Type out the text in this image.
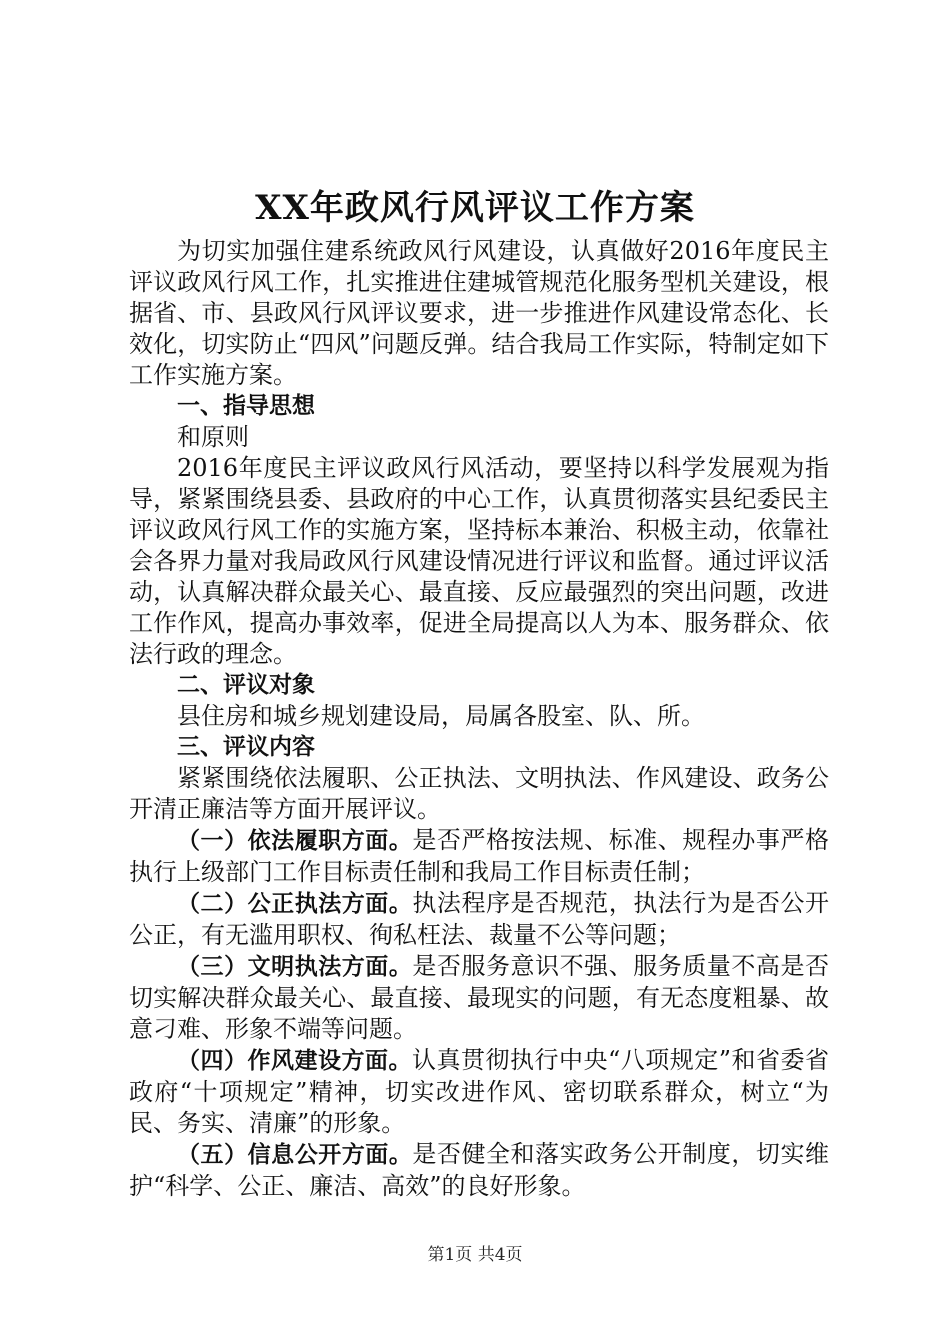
XX年政风行风评议工作方案

为切实加强住建系统政风行风建设，认真做好2016年度民主评议政风行风工作，扎实推进住建城管规范化服务型机关建设，根据省、市、县政风行风评议要求，进一步推进作风建设常态化、长效化，切实防止“四风”问题反弹。结合我局工作实际，特制定如下工作实施方案。

一、指导思想

和原则

2016年度民主评议政风行风活动，要坚持以科学发展观为指导，紧紧围绕县委、县政府的中心工作，认真贯彻落实县纪委民主评议政风行风工作的实施方案，坚持标本兼治、积极主动，依靠社会各界力量对我局政风行风建设情况进行评议和监督。通过评议活动，认真解决群众最关心、最直接、反应最强烈的突出问题，改进工作作风，提高办事效率，促进全局提高以人为本、服务群众、依法行政的理念。

二、评议对象

县住房和城乡规划建设局，局属各股室、队、所。

三、评议内容

紧紧围绕依法履职、公正执法、文明执法、作风建设、政务公开清正廉洁等方面开展评议。

（一）依法履职方面。是否严格按法规、标准、规程办事严格执行上级部门工作目标责任制和我局工作目标责任制；

（二）公正执法方面。执法程序是否规范，执法行为是否公开公正，有无滥用职权、徇私枉法、裁量不公等问题；

（三）文明执法方面。是否服务意识不强、服务质量不高是否切实解决群众最关心、最直接、最现实的问题，有无态度粗暴、故意刁难、形象不端等问题。

（四）作风建设方面。认真贯彻执行中央“八项规定”和省委省政府“十项规定”精神，切实改进作风、密切联系群众，树立“为民、务实、清廉”的形象。

（五）信息公开方面。是否健全和落实政务公开制度，切实维护“科学、公正、廉洁、高效”的良好形象。

第1页 共4页
